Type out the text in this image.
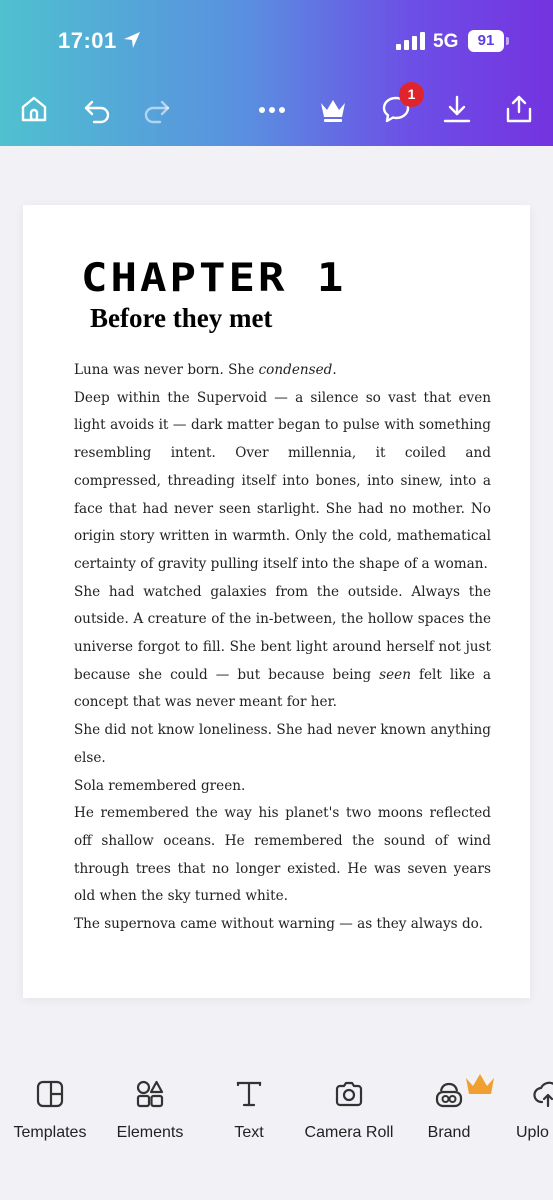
17:01	5G	91
1
CHAPTER 1
Before they met

Luna was never born. She condensed.

Deep within the Supervoid — a silence so vast that even light avoids it — dark matter began to pulse with something resembling intent. Over millennia, it coiled and compressed, threading itself into bones, into sinew, into a face that had never seen starlight. She had no mother. No origin story written in warmth. Only the cold, mathematical certainty of gravity pulling itself into the shape of a woman.

She had watched galaxies from the outside. Always the outside. A creature of the in-between, the hollow spaces the universe forgot to fill. She bent light around herself not just because she could — but because being seen felt like a concept that was never meant for her.

She did not know loneliness. She had never known anything else.

Sola remembered green.

He remembered the way his planet's two moons reflected off shallow oceans. He remembered the sound of wind through trees that no longer existed. He was seven years old when the sky turned white.

The supernova came without warning — as they always do.

Templates	Elements	Text	Camera Roll	Brand	Uplo
